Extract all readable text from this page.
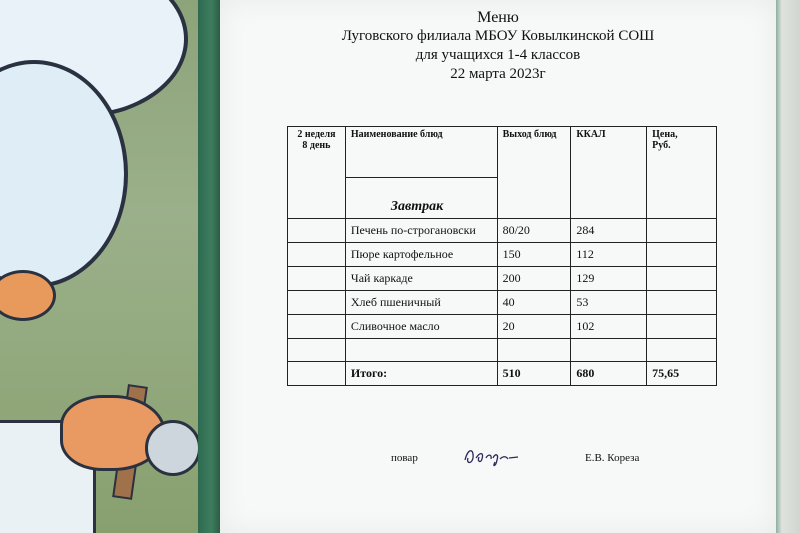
Меню
Луговского филиала МБОУ Ковылкинской СОШ
для учащихся 1-4 классов
22 марта 2023г
2 неделя
8 день	Наименование блюд	Выход блюд	ККАЛ	Цена,
Руб.

	Завтрак			

	Печень по-строгановски	80/20	284	
	Пюре картофельное	150	112	
	Чай каркаде	200	129	
	Хлеб пшеничный	40	53	
	Сливочное масло	20	102	

	Итого:	510	680	75,65
повар	Е.В. Кореза
